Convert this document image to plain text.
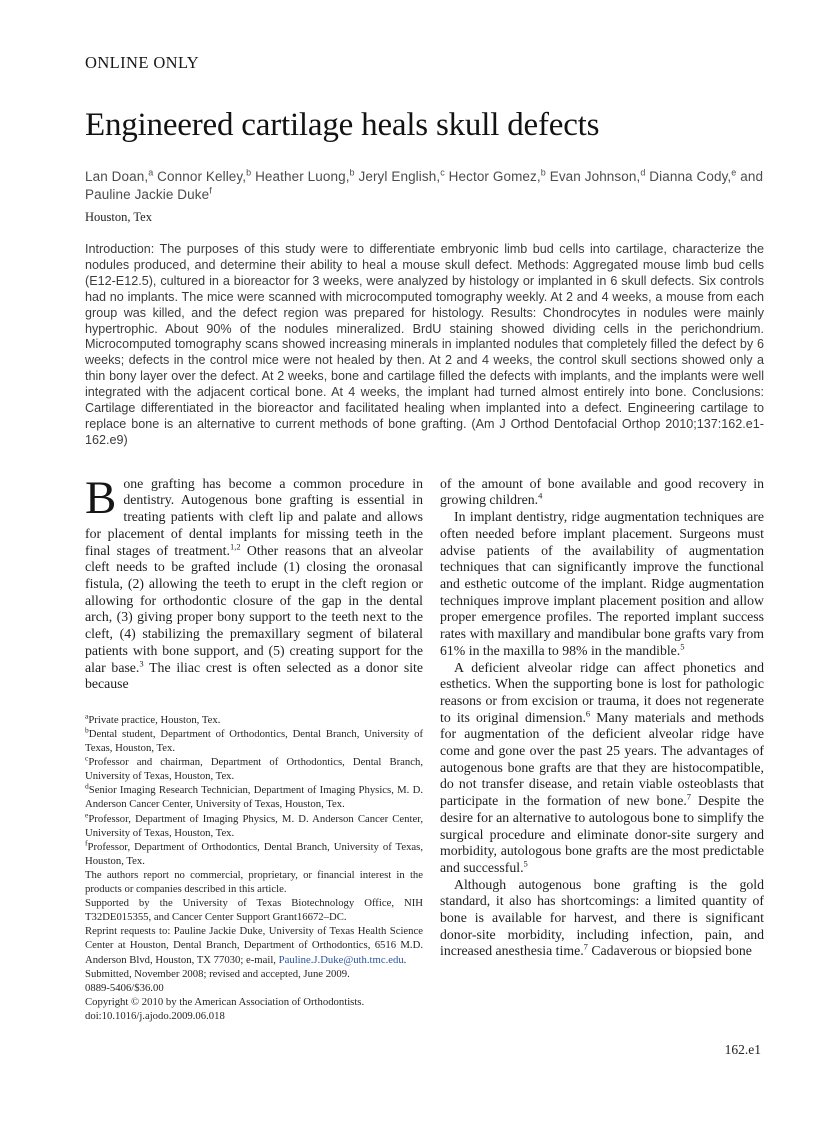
ONLINE ONLY
Engineered cartilage heals skull defects
Lan Doan,$^a$ Connor Kelley,$^b$ Heather Luong,$^b$ Jeryl English,$^c$ Hector Gomez,$^b$ Evan Johnson,$^d$ Dianna Cody,$^e$ and Pauline Jackie Duke$^f$
Houston, Tex
Introduction: The purposes of this study were to differentiate embryonic limb bud cells into cartilage, characterize the nodules produced, and determine their ability to heal a mouse skull defect. Methods: Aggregated mouse limb bud cells (E12-E12.5), cultured in a bioreactor for 3 weeks, were analyzed by histology or implanted in 6 skull defects. Six controls had no implants. The mice were scanned with microcomputed tomography weekly. At 2 and 4 weeks, a mouse from each group was killed, and the defect region was prepared for histology. Results: Chondrocytes in nodules were mainly hypertrophic. About 90% of the nodules mineralized. BrdU staining showed dividing cells in the perichondrium. Microcomputed tomography scans showed increasing minerals in implanted nodules that completely filled the defect by 6 weeks; defects in the control mice were not healed by then. At 2 and 4 weeks, the control skull sections showed only a thin bony layer over the defect. At 2 weeks, bone and cartilage filled the defects with implants, and the implants were well integrated with the adjacent cortical bone. At 4 weeks, the implant had turned almost entirely into bone. Conclusions: Cartilage differentiated in the bioreactor and facilitated healing when implanted into a defect. Engineering cartilage to replace bone is an alternative to current methods of bone grafting. (Am J Orthod Dentofacial Orthop 2010;137:162.e1-162.e9)
Bone grafting has become a common procedure in dentistry. Autogenous bone grafting is essential in treating patients with cleft lip and palate and allows for placement of dental implants for missing teeth in the final stages of treatment.$^{1,2}$ Other reasons that an alveolar cleft needs to be grafted include (1) closing the oronasal fistula, (2) allowing the teeth to erupt in the cleft region or allowing for orthodontic closure of the gap in the dental arch, (3) giving proper bony support to the teeth next to the cleft, (4) stabilizing the premaxillary segment of bilateral patients with bone support, and (5) creating support for the alar base.$^3$ The iliac crest is often selected as a donor site because
$^a$Private practice, Houston, Tex.
$^b$Dental student, Department of Orthodontics, Dental Branch, University of Texas, Houston, Tex.
$^c$Professor and chairman, Department of Orthodontics, Dental Branch, University of Texas, Houston, Tex.
$^d$Senior Imaging Research Technician, Department of Imaging Physics, M. D. Anderson Cancer Center, University of Texas, Houston, Tex.
$^e$Professor, Department of Imaging Physics, M. D. Anderson Cancer Center, University of Texas, Houston, Tex.
$^f$Professor, Department of Orthodontics, Dental Branch, University of Texas, Houston, Tex.
The authors report no commercial, proprietary, or financial interest in the products or companies described in this article.
Supported by the University of Texas Biotechnology Office, NIH T32DE015355, and Cancer Center Support Grant16672–DC.
Reprint requests to: Pauline Jackie Duke, University of Texas Health Science Center at Houston, Dental Branch, Department of Orthodontics, 6516 M.D. Anderson Blvd, Houston, TX 77030; e-mail, Pauline.J.Duke@uth.tmc.edu.
Submitted, November 2008; revised and accepted, June 2009.
0889-5406/$36.00
Copyright © 2010 by the American Association of Orthodontists.
doi:10.1016/j.ajodo.2009.06.018
of the amount of bone available and good recovery in growing children.$^4$
In implant dentistry, ridge augmentation techniques are often needed before implant placement. Surgeons must advise patients of the availability of augmentation techniques that can significantly improve the functional and esthetic outcome of the implant. Ridge augmentation techniques improve implant placement position and allow proper emergence profiles. The reported implant success rates with maxillary and mandibular bone grafts vary from 61% in the maxilla to 98% in the mandible.$^5$
A deficient alveolar ridge can affect phonetics and esthetics. When the supporting bone is lost for pathologic reasons or from excision or trauma, it does not regenerate to its original dimension.$^6$ Many materials and methods for augmentation of the deficient alveolar ridge have come and gone over the past 25 years. The advantages of autogenous bone grafts are that they are histocompatible, do not transfer disease, and retain viable osteoblasts that participate in the formation of new bone.$^7$ Despite the desire for an alternative to autologous bone to simplify the surgical procedure and eliminate donor-site surgery and morbidity, autologous bone grafts are the most predictable and successful.$^5$
Although autogenous bone grafting is the gold standard, it also has shortcomings: a limited quantity of bone is available for harvest, and there is significant donor-site morbidity, including infection, pain, and increased anesthesia time.$^7$ Cadaverous or biopsied bone
162.e1
